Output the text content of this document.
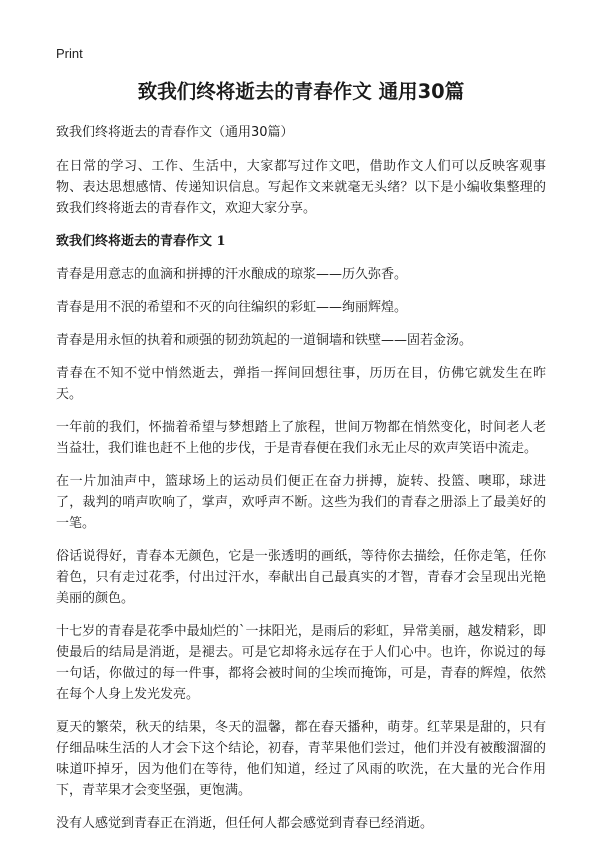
Print
致我们终将逝去的青春作文 通用30篇
致我们终将逝去的青春作文（通用30篇）

在日常的学习、工作、生活中，大家都写过作文吧，借助作文人们可以反映客观事物、表达思想感情、传递知识信息。写起作文来就毫无头绪？以下是小编收集整理的致我们终将逝去的青春作文，欢迎大家分享。

致我们终将逝去的青春作文 1

青春是用意志的血滴和拼搏的汗水酿成的琼浆——历久弥香。

青春是用不泯的希望和不灭的向往编织的彩虹——绚丽辉煌。

青春是用永恒的执着和顽强的韧劲筑起的一道铜墙和铁壁——固若金汤。

青春在不知不觉中悄然逝去，弹指一挥间回想往事，历历在目，仿佛它就发生在昨天。

一年前的我们，怀揣着希望与梦想踏上了旅程，世间万物都在悄然变化，时间老人老当益壮，我们谁也赶不上他的步伐，于是青春便在我们永无止尽的欢声笑语中流走。

在一片加油声中，篮球场上的运动员们便正在奋力拼搏，旋转、投篮、噢耶，球进了，裁判的哨声吹响了，掌声，欢呼声不断。这些为我们的青春之册添上了最美好的一笔。

俗话说得好，青春本无颜色，它是一张透明的画纸，等待你去描绘，任你走笔，任你着色，只有走过花季，付出过汗水，奉献出自己最真实的才智，青春才会呈现出光艳美丽的颜色。

十七岁的青春是花季中最灿烂的`一抹阳光，是雨后的彩虹，异常美丽，越发精彩，即使最后的结局是消逝，是褪去。可是它却将永远存在于人们心中。也许，你说过的每一句话，你做过的每一件事，都将会被时间的尘埃而掩饰，可是，青春的辉煌，依然在每个人身上发光发亮。

夏天的繁荣，秋天的结果，冬天的温馨，都在春天播种，萌芽。红苹果是甜的，只有仔细品味生活的人才会下这个结论，初春，青苹果他们尝过，他们并没有被酸溜溜的味道吓掉牙，因为他们在等待，他们知道，经过了风雨的吹洗，在大量的光合作用下，青苹果才会变坚强，更饱满。

没有人感觉到青春正在消逝，但任何人都会感觉到青春已经消逝。
